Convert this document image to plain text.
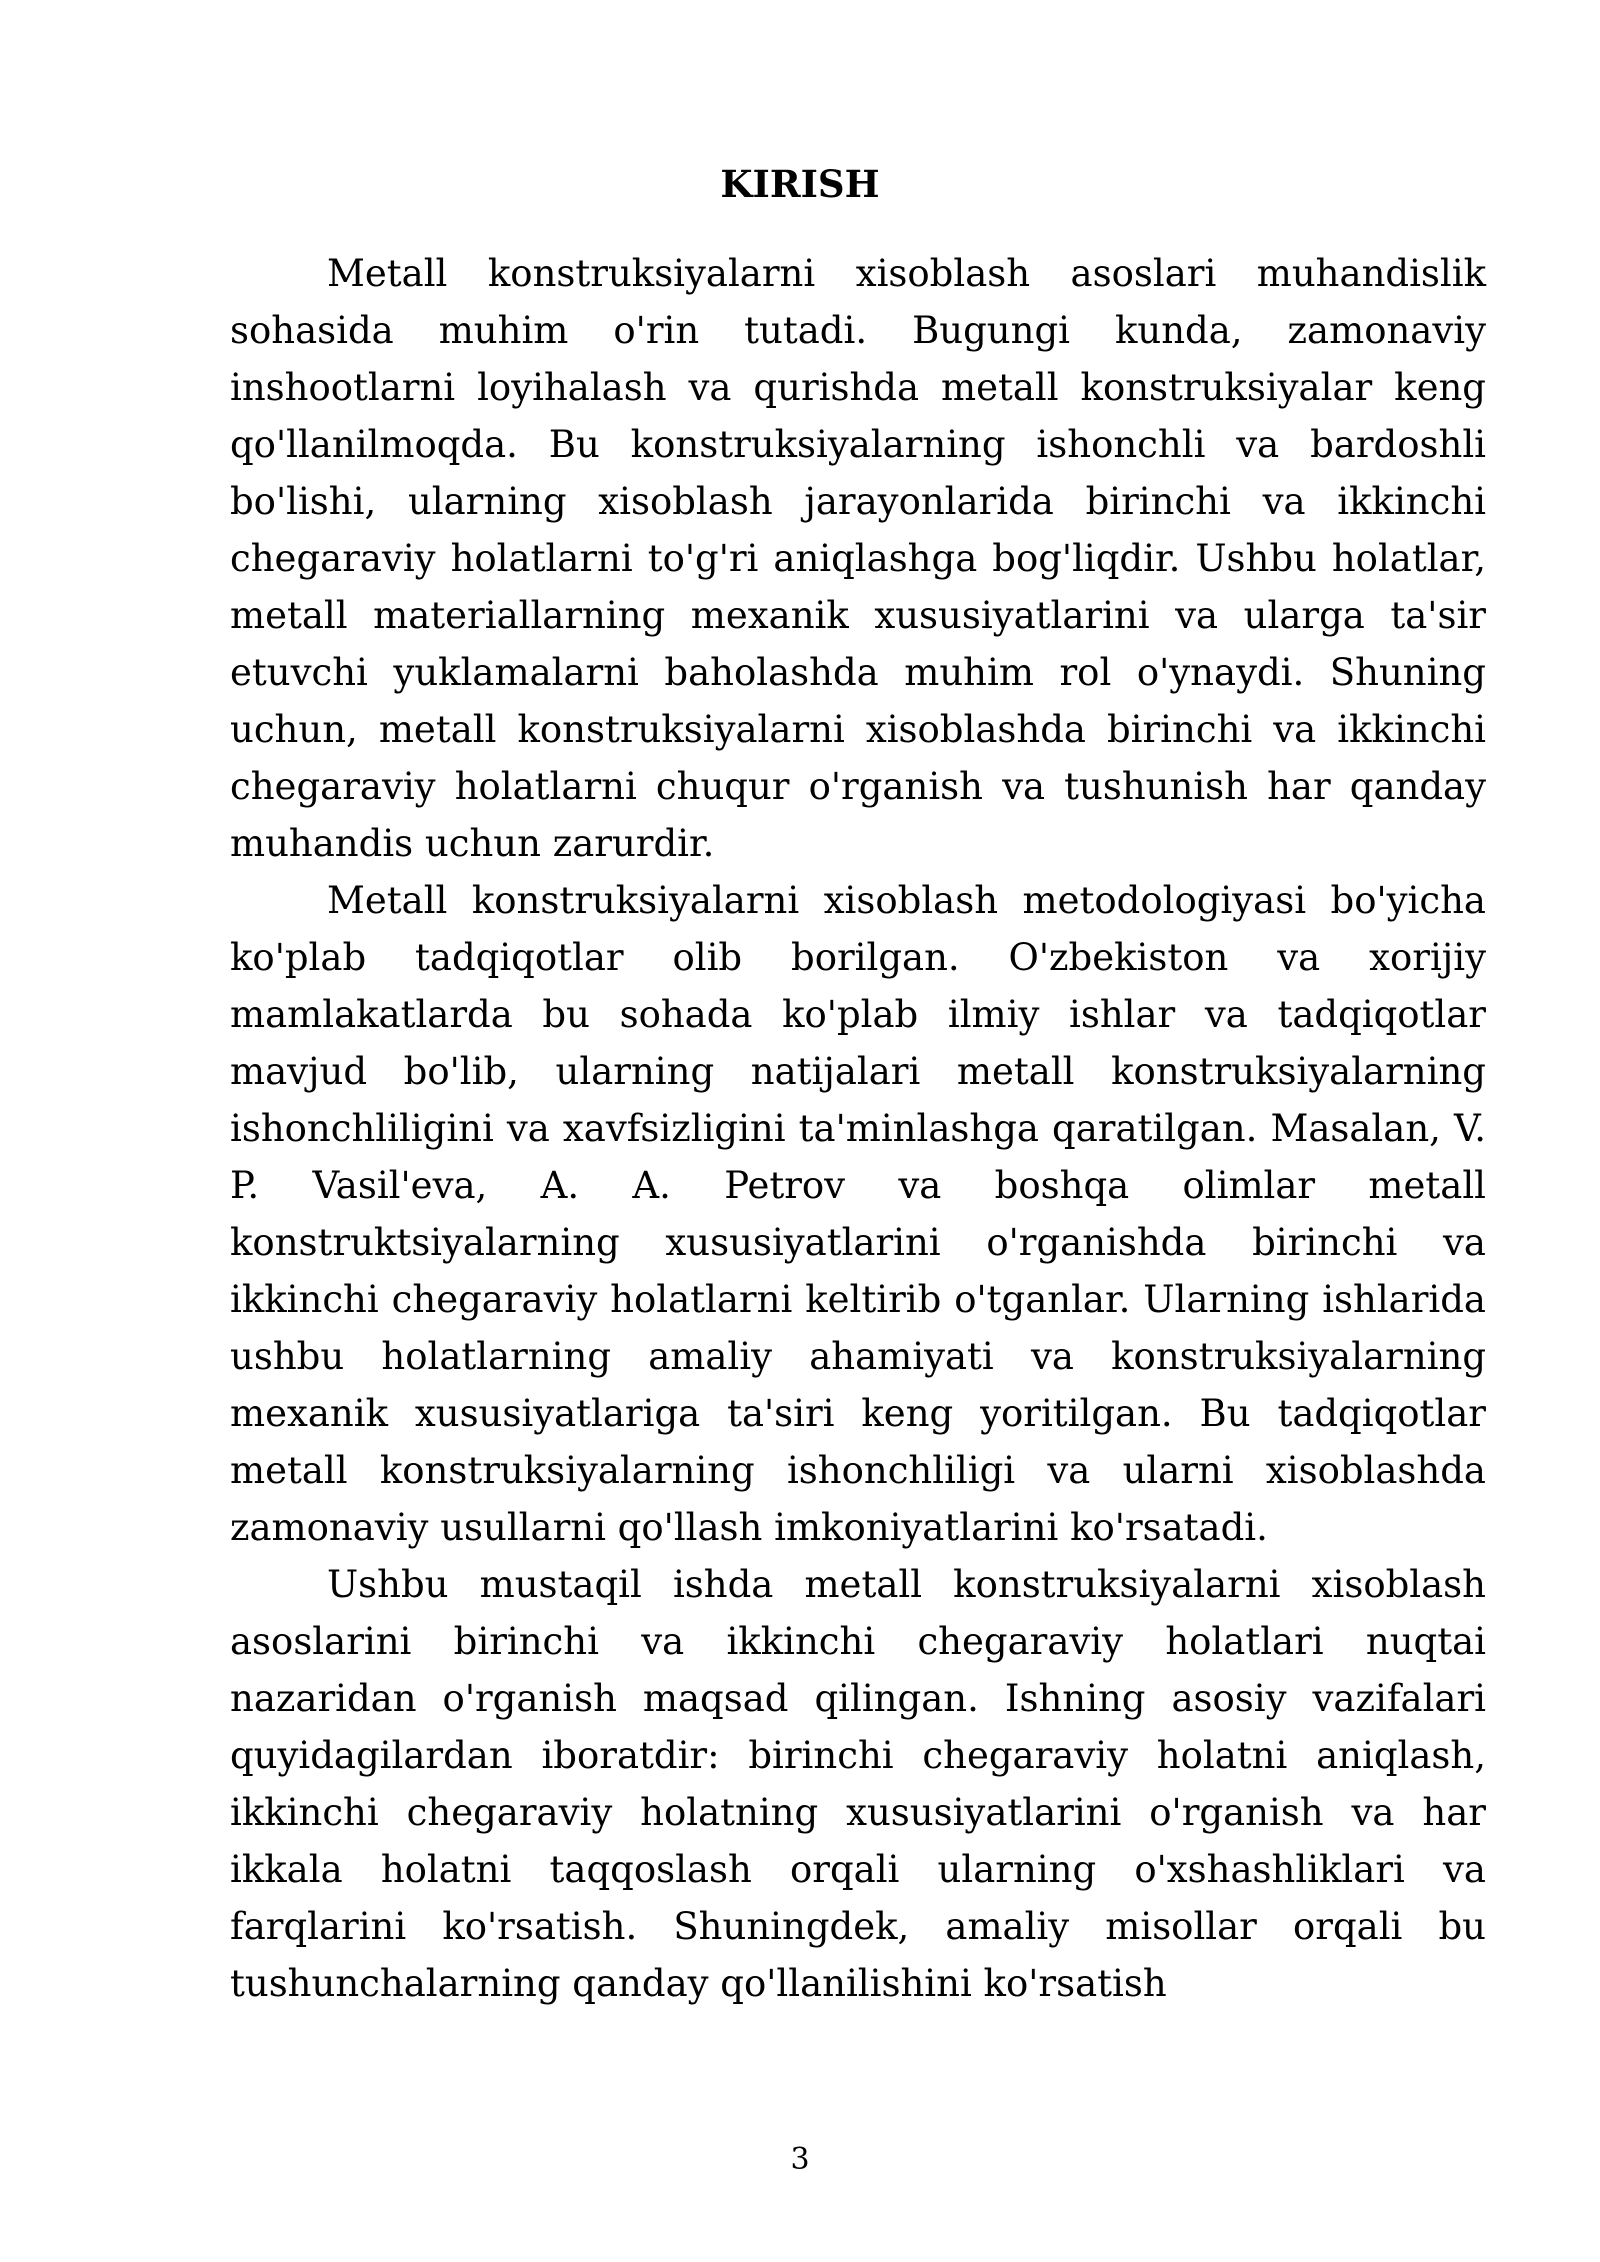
KIRISH

Metall konstruksiyalarni xisoblash asoslari muhandislik sohasida muhim o'rin tutadi. Bugungi kunda, zamonaviy inshootlarni loyihalash va qurishda metall konstruksiyalar keng qo'llanilmoqda. Bu konstruksiyalarning ishonchli va bardoshli bo'lishi, ularning xisoblash jarayonlarida birinchi va ikkinchi chegaraviy holatlarni to'g'ri aniqlashga bog'liqdir. Ushbu holatlar, metall materiallarning mexanik xususiyatlarini va ularga ta'sir etuvchi yuklamalarni baholashda muhim rol o'ynaydi. Shuning uchun, metall konstruksiyalarni xisoblashda birinchi va ikkinchi chegaraviy holatlarni chuqur o'rganish va tushunish har qanday muhandis uchun zarurdir.

Metall konstruksiyalarni xisoblash metodologiyasi bo'yicha ko'plab tadqiqotlar olib borilgan. O'zbekiston va xorijiy mamlakatlarda bu sohada ko'plab ilmiy ishlar va tadqiqotlar mavjud bo'lib, ularning natijalari metall konstruksiyalarning ishonchliligini va xavfsizligini ta'minlashga qaratilgan. Masalan, V. P. Vasil'eva, A. A. Petrov va boshqa olimlar metall konstruktsiyalarning xususiyatlarini o'rganishda birinchi va ikkinchi chegaraviy holatlarni keltirib o'tganlar. Ularning ishlarida ushbu holatlarning amaliy ahamiyati va konstruksiyalarning mexanik xususiyatlariga ta'siri keng yoritilgan. Bu tadqiqotlar metall konstruksiyalarning ishonchliligi va ularni xisoblashda zamonaviy usullarni qo'llash imkoniyatlarini ko'rsatadi.

Ushbu mustaqil ishda metall konstruksiyalarni xisoblash asoslarini birinchi va ikkinchi chegaraviy holatlari nuqtai nazaridan o'rganish maqsad qilingan. Ishning asosiy vazifalari quyidagilardan iboratdir: birinchi chegaraviy holatni aniqlash, ikkinchi chegaraviy holatning xususiyatlarini o'rganish va har ikkala holatni taqqoslash orqali ularning o'xshashliklari va farqlarini ko'rsatish. Shuningdek, amaliy misollar orqali bu tushunchalarning qanday qo'llanilishini ko'rsatish

3
